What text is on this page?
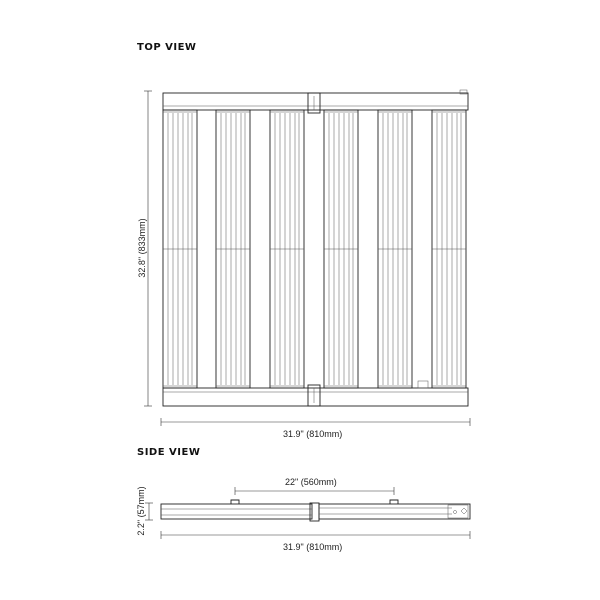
TOP VIEW
SIDE VIEW
31.9" (810mm)
32.8" (833mm)
22" (560mm)
2.2" (57mm)
31.9" (810mm)
